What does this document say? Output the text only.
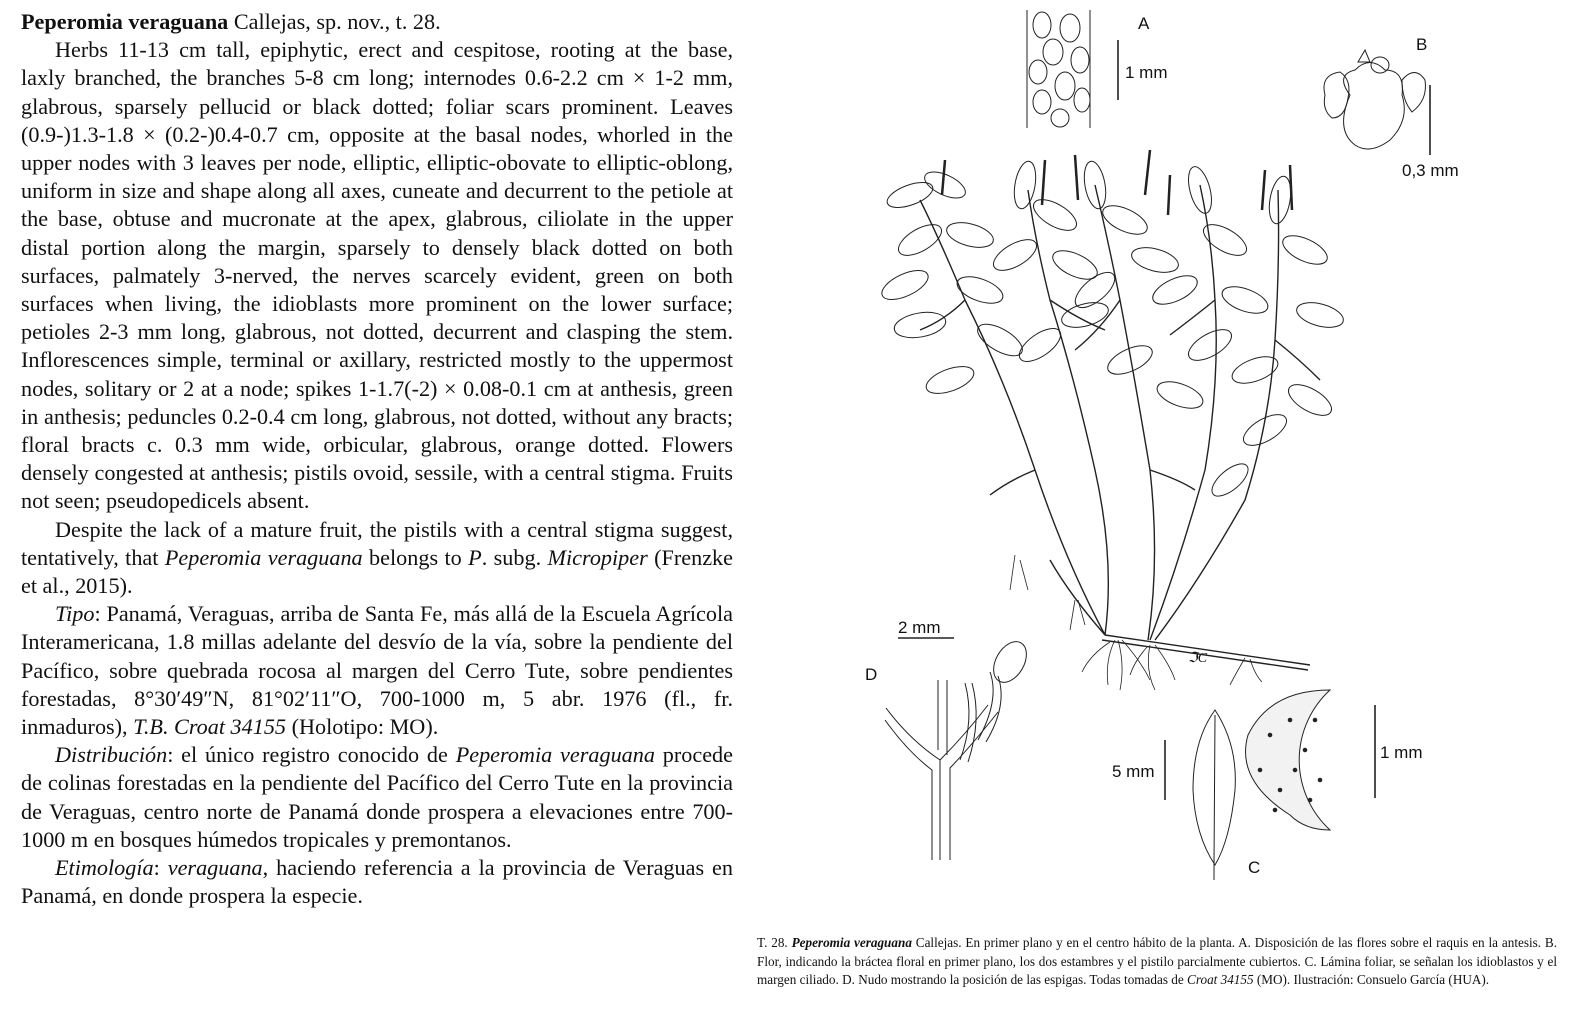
Peperomia veraguana Callejas, sp. nov., t. 28.

Herbs 11-13 cm tall, epiphytic, erect and cespitose, rooting at the base, laxly branched, the branches 5-8 cm long; internodes 0.6-2.2 cm × 1-2 mm, glabrous, sparsely pellucid or black dotted; foliar scars prominent. Leaves (0.9-)1.3-1.8 × (0.2-)0.4-0.7 cm, opposite at the basal nodes, whorled in the upper nodes with 3 leaves per node, elliptic, elliptic-obovate to elliptic-oblong, uniform in size and shape along all axes, cuneate and decurrent to the petiole at the base, obtuse and mucronate at the apex, glabrous, ciliolate in the upper distal portion along the margin, sparsely to densely black dotted on both surfaces, palmately 3-nerved, the nerves scarcely evident, green on both surfaces when living, the idioblasts more prominent on the lower surface; petioles 2-3 mm long, glabrous, not dotted, decurrent and clasping the stem. Inflorescences simple, terminal or axillary, restricted mostly to the uppermost nodes, solitary or 2 at a node; spikes 1-1.7(-2) × 0.08-0.1 cm at anthesis, green in anthesis; peduncles 0.2-0.4 cm long, glabrous, not dotted, without any bracts; floral bracts c. 0.3 mm wide, orbicular, glabrous, orange dotted. Flowers densely congested at anthesis; pistils ovoid, sessile, with a central stigma. Fruits not seen; pseudopedicels absent.

Despite the lack of a mature fruit, the pistils with a central stigma suggest, tentatively, that Peperomia veraguana belongs to P. subg. Micropiper (Frenzke et al., 2015).

Tipo: Panamá, Veraguas, arriba de Santa Fe, más allá de la Escuela Agrícola Interamericana, 1.8 millas adelante del desvío de la vía, sobre la pendiente del Pacífico, sobre quebrada rocosa al margen del Cerro Tute, sobre pendientes forestadas, 8°30′49″N, 81°02′11″O, 700-1000 m, 5 abr. 1976 (fl., fr. inmaduros), T.B. Croat 34155 (Holotipo: MO).

Distribución: el único registro conocido de Peperomia veraguana procede de colinas forestadas en la pendiente del Pacífico del Cerro Tute en la provincia de Veraguas, centro norte de Panamá donde prospera a elevaciones entre 700-1000 m en bosques húmedos tropicales y premontanos.

Etimología: veraguana, haciendo referencia a la provincia de Veraguas en Panamá, en donde prospera la especie.

A
B
C
D
1 mm
0,3 mm
2 mm
5 mm
1 mm
ℑC

T. 28. Peperomia veraguana Callejas. En primer plano y en el centro hábito de la planta. A. Disposición de las flores sobre el raquis en la antesis. B. Flor, indicando la bráctea floral en primer plano, los dos estambres y el pistilo parcialmente cubiertos. C. Lámina foliar, se señalan los idioblastos y el margen ciliado. D. Nudo mostrando la posición de las espigas. Todas tomadas de Croat 34155 (MO). Ilustración: Consuelo García (HUA).
